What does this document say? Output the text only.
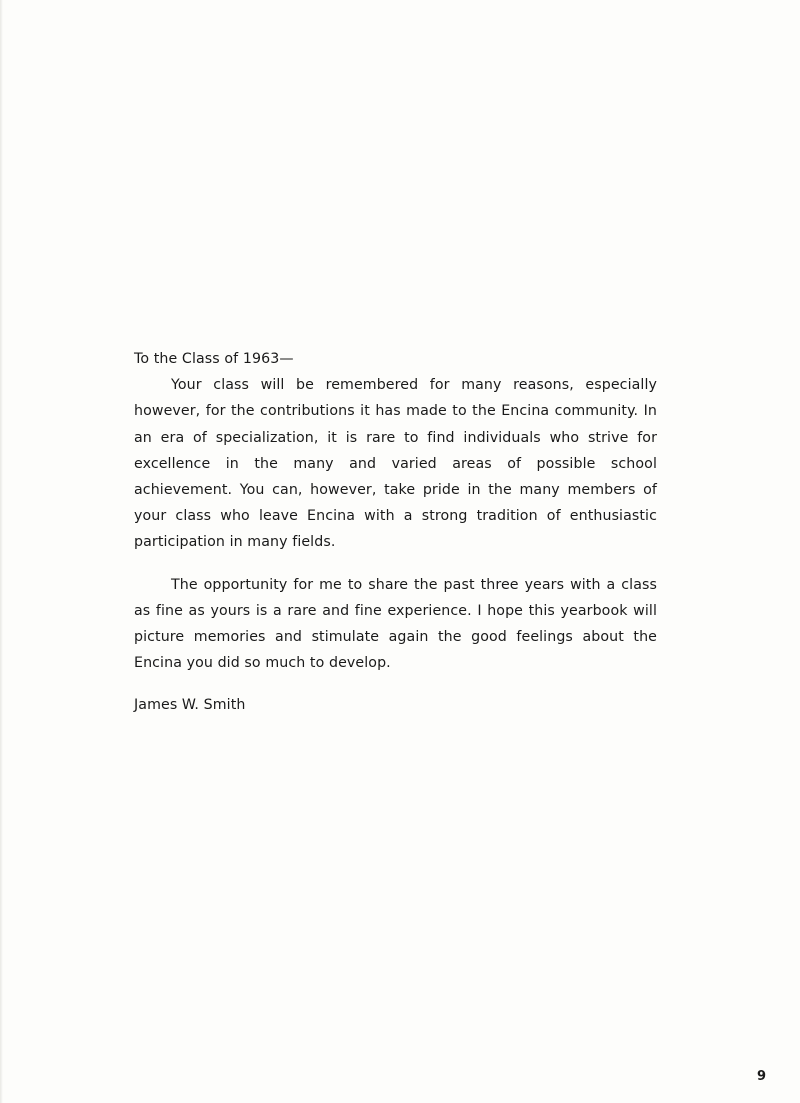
To the Class of 1963—

Your class will be remembered for many reasons, especially however, for the contributions it has made to the Encina community. In an era of specialization, it is rare to find individuals who strive for excellence in the many and varied areas of possible school achievement. You can, however, take pride in the many members of your class who leave Encina with a strong tradition of enthusiastic participation in many fields.

The opportunity for me to share the past three years with a class as fine as yours is a rare and fine experience. I hope this yearbook will picture memories and stimulate again the good feelings about the Encina you did so much to develop.

James W. Smith

9
